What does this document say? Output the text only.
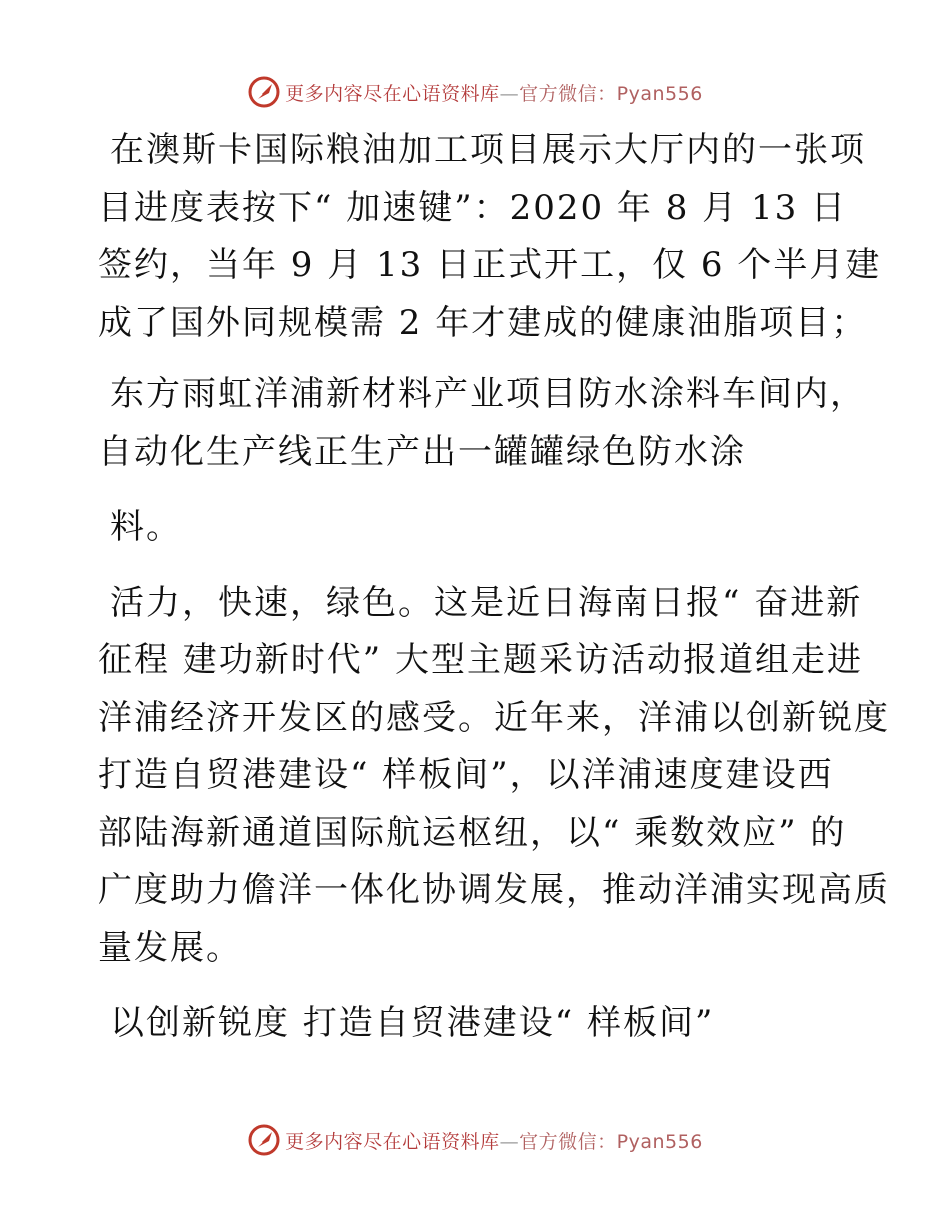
更多内容尽在心语资料库—官方微信：Pyan556

在澳斯卡国际粮油加工项目展示大厅内的一张项
目进度表按下“ 加速键”：2020 年 8 月 13 日
签约，当年 9 月 13 日正式开工，仅 6 个半月建
成了国外同规模需 2 年才建成的健康油脂项目；

东方雨虹洋浦新材料产业项目防水涂料车间内，
自动化生产线正生产出一罐罐绿色防水涂

料。

活力，快速，绿色。这是近日海南日报“ 奋进新
征程 建功新时代” 大型主题采访活动报道组走进
洋浦经济开发区的感受。近年来，洋浦以创新锐度
打造自贸港建设“ 样板间”，以洋浦速度建设西
部陆海新通道国际航运枢纽，以“ 乘数效应” 的
广度助力儋洋一体化协调发展，推动洋浦实现高质
量发展。

以创新锐度 打造自贸港建设“ 样板间”

更多内容尽在心语资料库—官方微信：Pyan556
